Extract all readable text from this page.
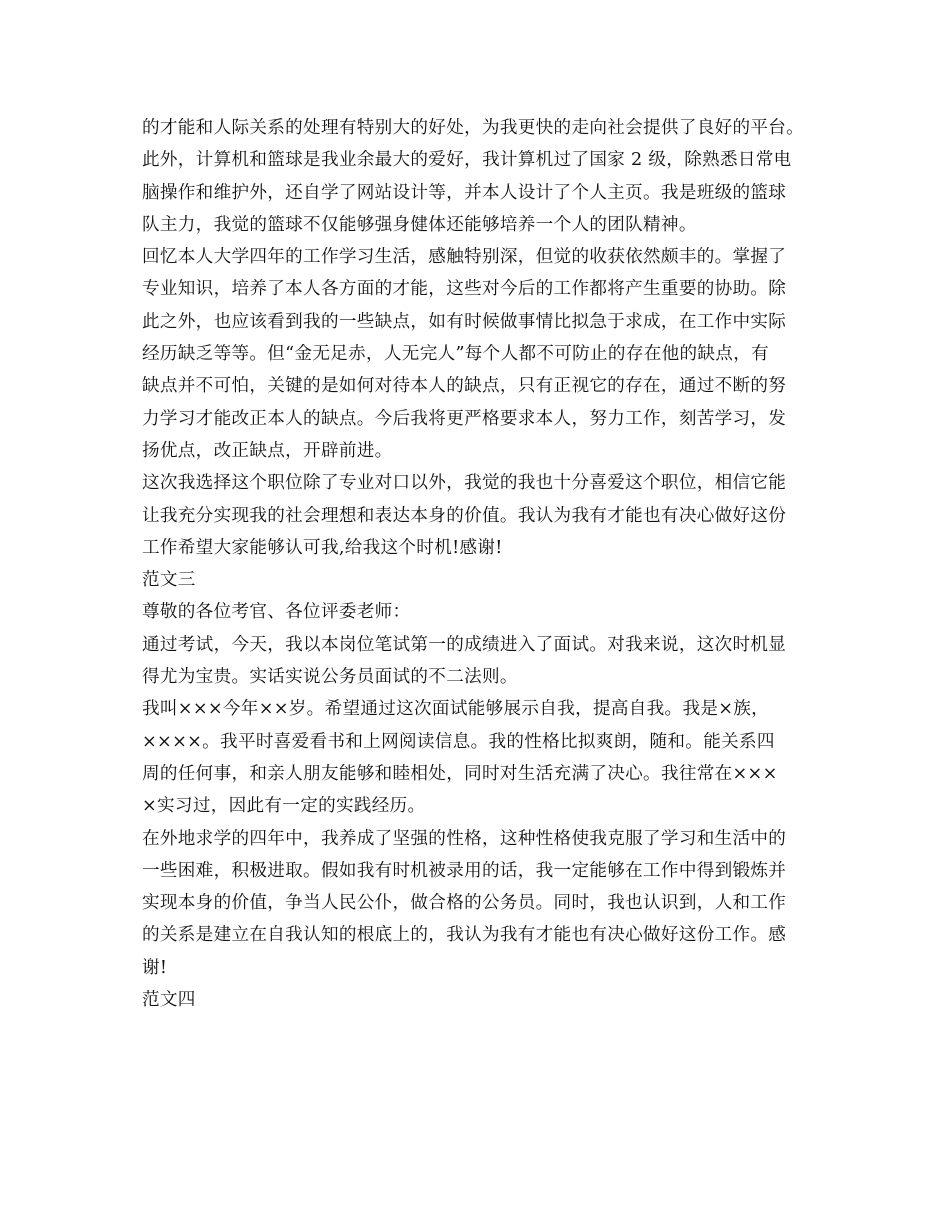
的才能和人际关系的处理有特别大的好处，为我更快的走向社会提供了良好的平台。
此外，计算机和篮球是我业余最大的爱好，我计算机过了国家 2 级，除熟悉日常电
脑操作和维护外，还自学了网站设计等，并本人设计了个人主页。我是班级的篮球
队主力，我觉的篮球不仅能够强身健体还能够培养一个人的团队精神。
回忆本人大学四年的工作学习生活，感触特别深，但觉的收获依然颇丰的。掌握了
专业知识，培养了本人各方面的才能，这些对今后的工作都将产生重要的协助。除
此之外，也应该看到我的一些缺点，如有时候做事情比拟急于求成，在工作中实际
经历缺乏等等。但“金无足赤，人无完人”每个人都不可防止的存在他的缺点，有
缺点并不可怕，关键的是如何对待本人的缺点，只有正视它的存在，通过不断的努
力学习才能改正本人的缺点。今后我将更严格要求本人，努力工作，刻苦学习，发
扬优点，改正缺点，开辟前进。
这次我选择这个职位除了专业对口以外，我觉的我也十分喜爱这个职位，相信它能
让我充分实现我的社会理想和表达本身的价值。我认为我有才能也有决心做好这份
工作希望大家能够认可我,给我这个时机!感谢!
范文三
尊敬的各位考官、各位评委老师：
通过考试，今天，我以本岗位笔试第一的成绩进入了面试。对我来说，这次时机显
得尤为宝贵。实话实说公务员面试的不二法则。
我叫×××今年××岁。希望通过这次面试能够展示自我，提高自我。我是×族，
××××。我平时喜爱看书和上网阅读信息。我的性格比拟爽朗，随和。能关系四
周的任何事，和亲人朋友能够和睦相处，同时对生活充满了决心。我往常在×××
×实习过，因此有一定的实践经历。
在外地求学的四年中，我养成了坚强的性格，这种性格使我克服了学习和生活中的
一些困难，积极进取。假如我有时机被录用的话，我一定能够在工作中得到锻炼并
实现本身的价值，争当人民公仆，做合格的公务员。同时，我也认识到，人和工作
的关系是建立在自我认知的根底上的，我认为我有才能也有决心做好这份工作。感
谢!
范文四
